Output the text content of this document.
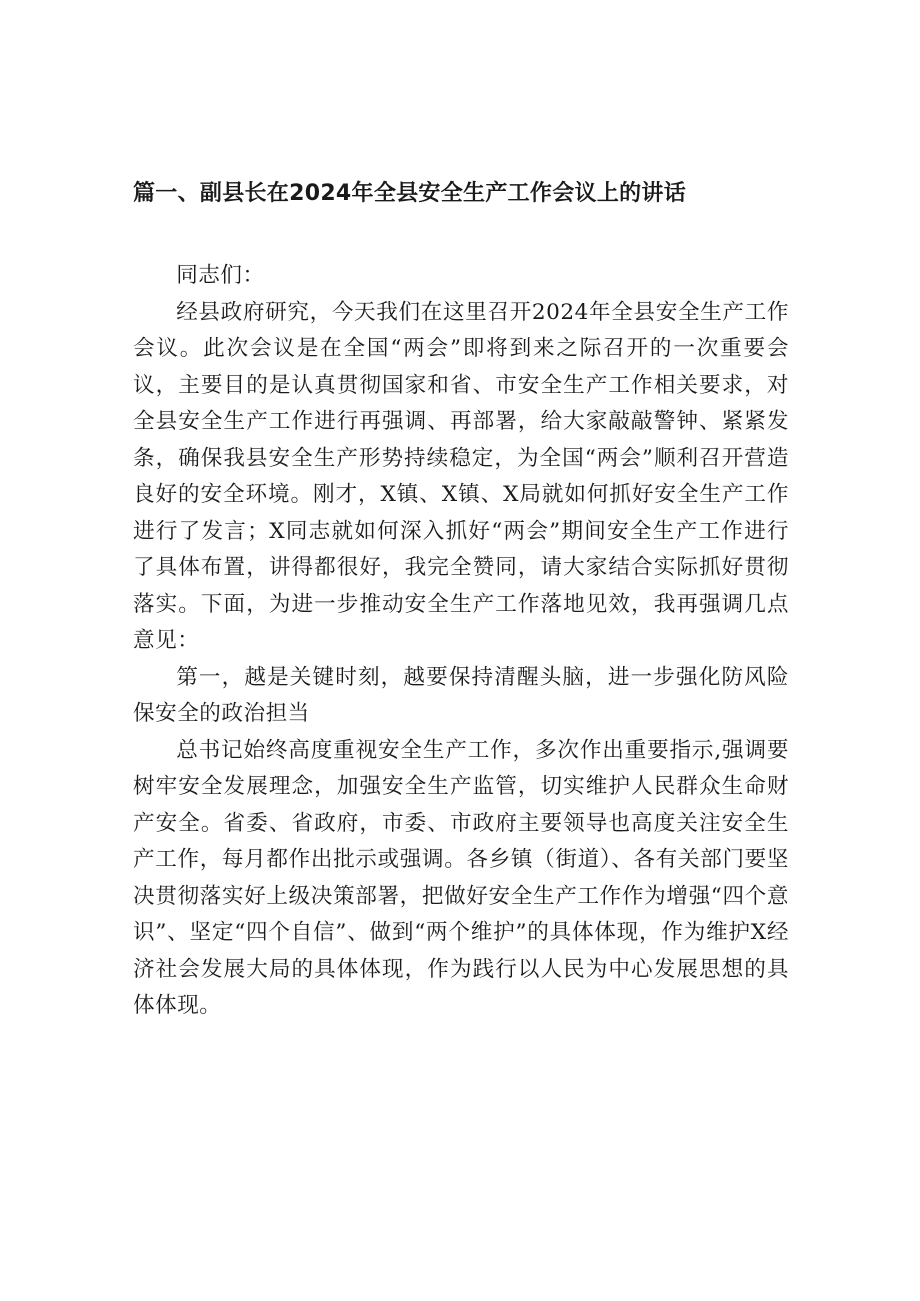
篇一、副县长在2024年全县安全生产工作会议上的讲话

同志们：

经县政府研究，今天我们在这里召开2024年全县安全生产工作会议。此次会议是在全国“两会”即将到来之际召开的一次重要会议，主要目的是认真贯彻国家和省、市安全生产工作相关要求，对全县安全生产工作进行再强调、再部署，给大家敲敲警钟、紧紧发条，确保我县安全生产形势持续稳定，为全国“两会”顺利召开营造良好的安全环境。刚才，X镇、X镇、X局就如何抓好安全生产工作进行了发言；X同志就如何深入抓好“两会”期间安全生产工作进行了具体布置，讲得都很好，我完全赞同，请大家结合实际抓好贯彻落实。下面，为进一步推动安全生产工作落地见效，我再强调几点意见：

第一，越是关键时刻，越要保持清醒头脑，进一步强化防风险保安全的政治担当

总书记始终高度重视安全生产工作，多次作出重要指示,强调要树牢安全发展理念，加强安全生产监管，切实维护人民群众生命财产安全。省委、省政府，市委、市政府主要领导也高度关注安全生产工作，每月都作出批示或强调。各乡镇（街道）、各有关部门要坚决贯彻落实好上级决策部署，把做好安全生产工作作为增强“四个意识”、坚定“四个自信”、做到“两个维护”的具体体现，作为维护X经济社会发展大局的具体体现，作为践行以人民为中心发展思想的具体体现。
